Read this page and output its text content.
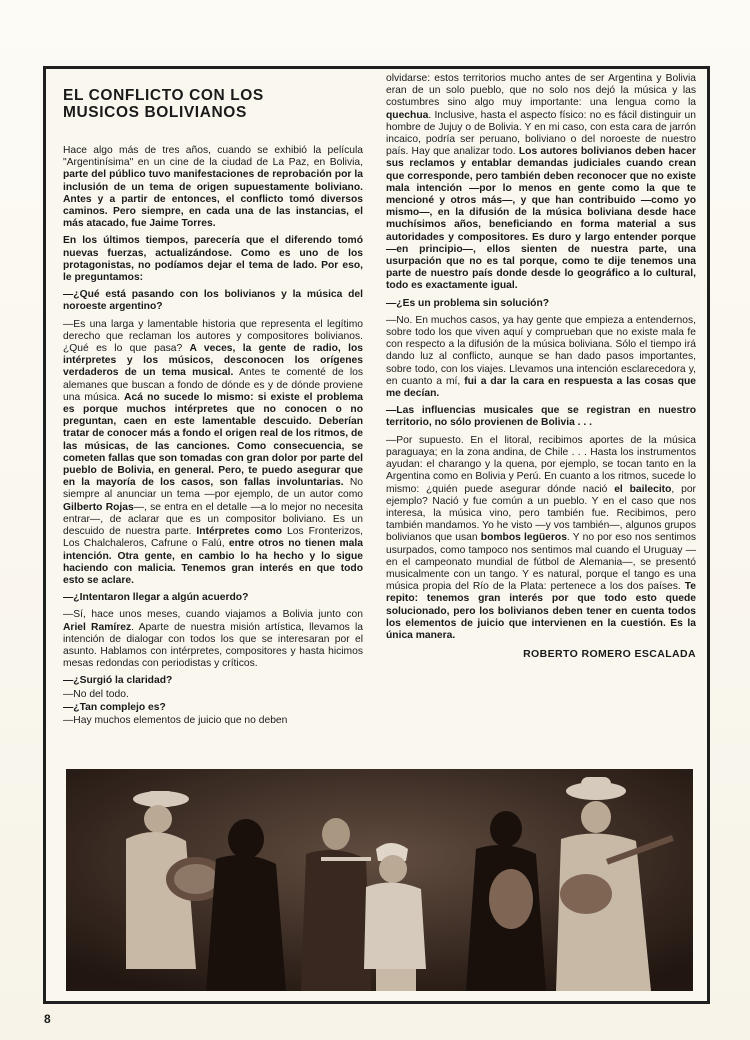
EL CONFLICTO CON LOS
MUSICOS BOLIVIANOS
Hace algo más de tres años, cuando se exhibió la película "Argentinísima" en un cine de la ciudad de La Paz, en Bolivia, parte del público tuvo manifestaciones de reprobación por la inclusión de un tema de origen supuestamente boliviano. Antes y a partir de entonces, el conflicto tomó diversos caminos. Pero siempre, en cada una de las instancias, el más atacado, fue Jaime Torres.
En los últimos tiempos, parecería que el diferendo tomó nuevas fuerzas, actualizándose. Como es uno de los protagonistas, no podíamos dejar el tema de lado. Por eso, le preguntamos:
—¿Qué está pasando con los bolivianos y la música del noroeste argentino?
—Es una larga y lamentable historia que representa el legítimo derecho que reclaman los autores y compositores bolivianos. ¿Qué es lo que pasa? A veces, la gente de radio, los intérpretes y los músicos, desconocen los orígenes verdaderos de un tema musical. Antes te comenté de los alemanes que buscan a fondo de dónde es y de dónde proviene una música. Acá no sucede lo mismo: si existe el problema es porque muchos intérpretes que no conocen o no preguntan, caen en este lamentable descuido. Deberían tratar de conocer más a fondo el origen real de los ritmos, de las músicas, de las canciones. Como consecuencia, se cometen fallas que son tomadas con gran dolor por parte del pueblo de Bolivia, en general. Pero, te puedo asegurar que en la mayoría de los casos, son fallas involuntarias. No siempre al anunciar un tema —por ejemplo, de un autor como Gilberto Rojas—, se entra en el detalle —a lo mejor no necesita entrar—, de aclarar que es un compositor boliviano. Es un descuido de nuestra parte. Intérpretes como Los Fronterizos, Los Chalchaleros, Cafrune o Falú, entre otros no tienen mala intención. Otra gente, en cambio lo ha hecho y lo sigue haciendo con malicia. Tenemos gran interés en que todo esto se aclare.
—¿Intentaron llegar a algún acuerdo?
—Sí, hace unos meses, cuando viajamos a Bolivia junto con Ariel Ramírez. Aparte de nuestra misión artística, llevamos la intención de dialogar con todos los que se interesaran por el asunto. Hablamos con intérpretes, compositores y hasta hicimos mesas redondas con periodistas y críticos.
—¿Surgió la claridad?
—No del todo.
—¿Tan complejo es?
—Hay muchos elementos de juicio que no deben
olvidarse: estos territorios mucho antes de ser Argentina y Bolivia eran de un solo pueblo, que no solo nos dejó la música y las costumbres sino algo muy importante: una lengua como la quechua. Inclusive, hasta el aspecto físico: no es fácil distinguir un hombre de Jujuy o de Bolivia. Y en mi caso, con esta cara de jarrón incaico, podría ser peruano, boliviano o del noroeste de nuestro país. Hay que analizar todo. Los autores bolivianos deben hacer sus reclamos y entablar demandas judiciales cuando crean que corresponde, pero también deben reconocer que no existe mala intención —por lo menos en gente como la que te mencioné y otros más—, y que han contribuido —como yo mismo—, en la difusión de la música boliviana desde hace muchísimos años, beneficiando en forma material a sus autoridades y compositores. Es duro y largo entender porque —en principio—, ellos sienten de nuestra parte, una usurpación que no es tal porque, como te dije tenemos una parte de nuestro país donde desde lo geográfico a lo cultural, todo es exactamente igual.
—¿Es un problema sin solución?
—No. En muchos casos, ya hay gente que empieza a entendernos, sobre todo los que viven aquí y comprueban que no existe mala fe con respecto a la difusión de la música boliviana. Sólo el tiempo irá dando luz al conflicto, aunque se han dado pasos importantes, sobre todo, con los viajes. Llevamos una intención esclarecedora y, en cuanto a mí, fui a dar la cara en respuesta a las cosas que me decían.
—Las influencias musicales que se registran en nuestro territorio, no sólo provienen de Bolivia . . .
—Por supuesto. En el litoral, recibimos aportes de la música paraguaya; en la zona andina, de Chile . . . Hasta los instrumentos ayudan: el charango y la quena, por ejemplo, se tocan tanto en la Argentina como en Bolivia y Perú. En cuanto a los ritmos, sucede lo mismo: ¿quién puede asegurar dónde nació el bailecito, por ejemplo? Nació y fue común a un pueblo. Y en el caso que nos interesa, la música vino, pero también fue. Recibimos, pero también mandamos. Yo he visto —y vos también—, algunos grupos bolivianos que usan bombos legüeros. Y no por eso nos sentimos usurpados, como tampoco nos sentimos mal cuando el Uruguay —en el campeonato mundial de fútbol de Alemania—, se presentó musicalmente con un tango. Y es natural, porque el tango es una música propia del Río de la Plata: pertenece a los dos países. Te repito: tenemos gran interés por que todo esto quede solucionado, pero los bolivianos deben tener en cuenta todos los elementos de juicio que intervienen en la cuestión. Es la única manera.
ROBERTO ROMERO ESCALADA
8
